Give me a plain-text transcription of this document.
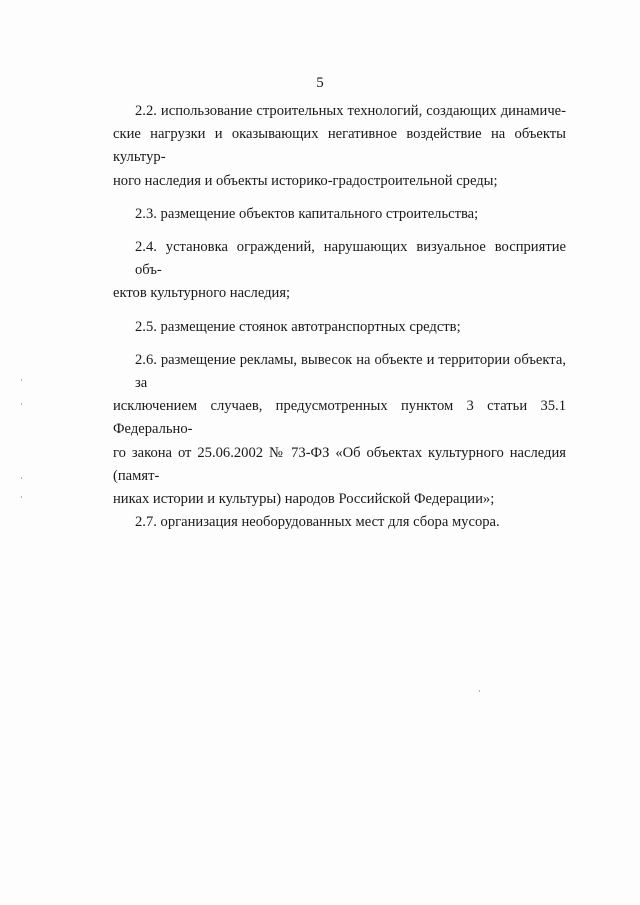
5
2.2. использование строительных технологий, создающих динамиче-
ские нагрузки и оказывающих негативное воздействие на объекты культур-
ного наследия и объекты историко-градостроительной среды;
2.3. размещение объектов капитального строительства;
2.4. установка ограждений, нарушающих визуальное восприятие объ-
ектов культурного наследия;
2.5. размещение стоянок автотранспортных средств;
2.6. размещение рекламы, вывесок на объекте и территории объекта, за
исключением случаев, предусмотренных пунктом 3 статьи 35.1 Федерально-
го закона от 25.06.2002 № 73-ФЗ «Об объектах культурного наследия (памят-
никах истории и культуры) народов Российской Федерации»;
2.7. организация необорудованных мест для сбора мусора.
·
·
·
·
·
